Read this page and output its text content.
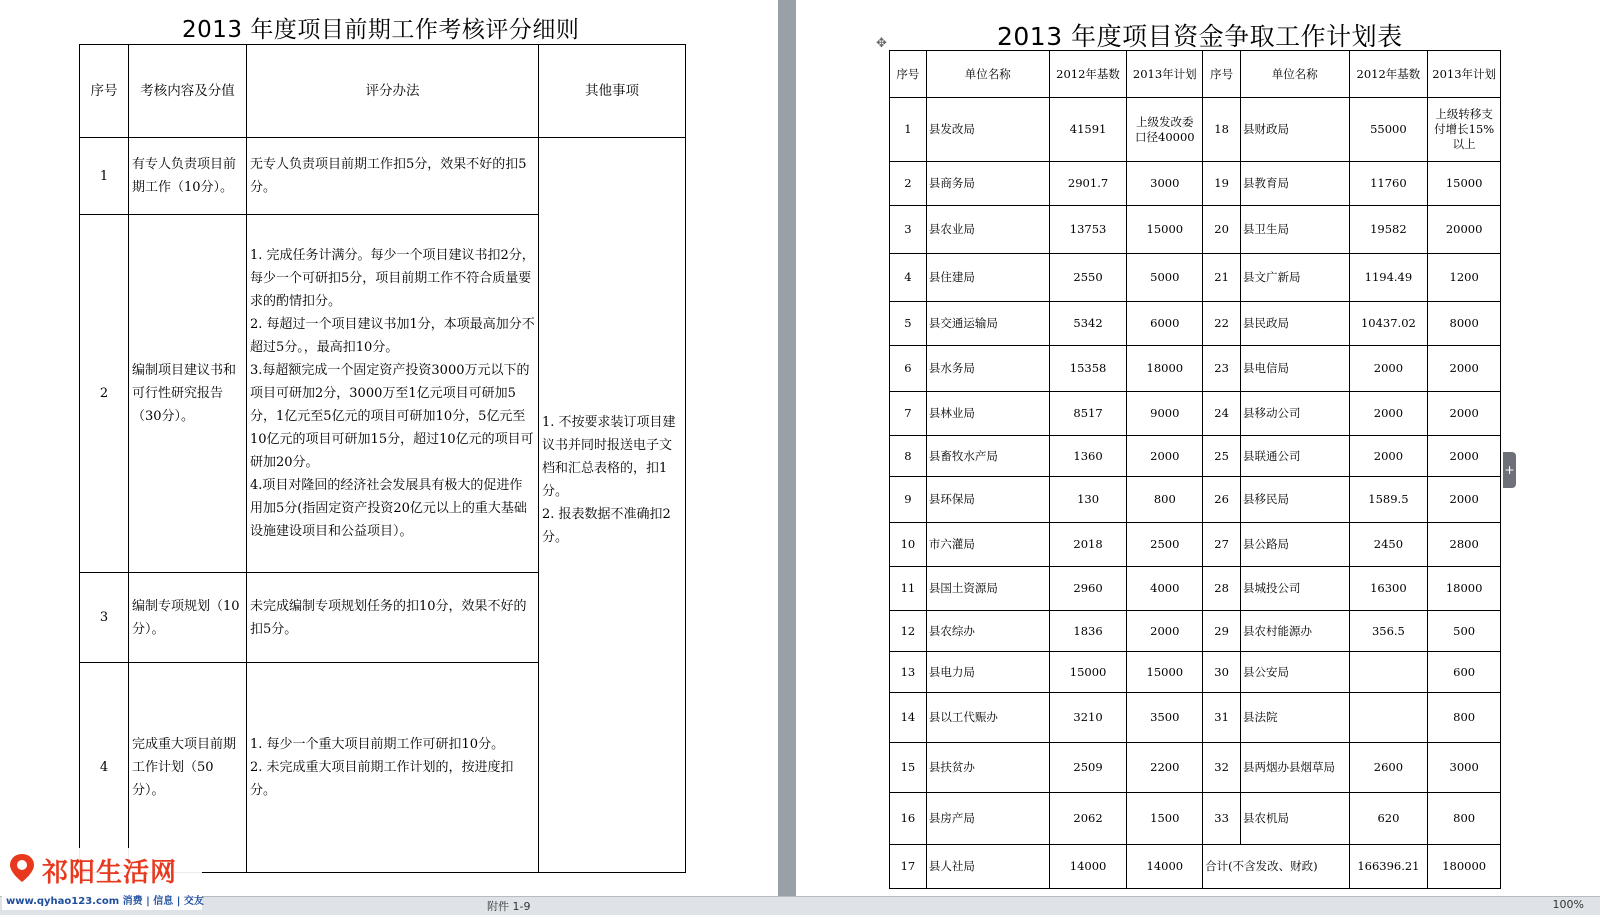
2013 年度项目前期工作考核评分细则
序号	考核内容及分值	评分办法	其他事项
1	有专人负责项目前期工作（10分）。	无专人负责项目前期工作扣5分，效果不好的扣5分。	1. 不按要求装订项目建议书并同时报送电子文档和汇总表格的，扣1分。
2. 报表数据不准确扣2分。

2	编制项目建议书和可行性研究报告（30分）。	1. 完成任务计满分。每少一个项目建议书扣2分，每少一个可研扣5分，项目前期工作不符合质量要求的酌情扣分。
2. 每超过一个项目建议书加1分，本项最高加分不超过5分。，最高扣10分。
3.每超额完成一个固定资产投资3000万元以下的项目可研加2分，3000万至1亿元项目可研加5分，1亿元至5亿元的项目可研加10分，5亿元至10亿元的项目可研加15分，超过10亿元的项目可研加20分。
4.项目对隆回的经济社会发展具有极大的促进作用加5分(指固定资产投资20亿元以上的重大基础设施建设项目和公益项目）。	

3	编制专项规划（10分）。	未完成编制专项规划任务的扣10分，效果不好的扣5分。	

4	完成重大项目前期工作计划（50分）。	1. 每少一个重大项目前期工作可研扣10分。
2. 未完成重大项目前期工作计划的，按进度扣分。	
2013 年度项目资金争取工作计划表
序号	单位名称	2012年基数	2013年计划	序号	单位名称	2012年基数	2013年计划
1	县发改局	41591	上级发改委口径40000	18	县财政局	55000	上级转移支付增长15%以上
2	县商务局	2901.7	3000	19	县教育局	11760	15000
3	县农业局	13753	15000	20	县卫生局	19582	20000
4	县住建局	2550	5000	21	县文广新局	1194.49	1200
5	县交通运输局	5342	6000	22	县民政局	10437.02	8000
6	县水务局	15358	18000	23	县电信局	2000	2000
7	县林业局	8517	9000	24	县移动公司	2000	2000
8	县畜牧水产局	1360	2000	25	县联通公司	2000	2000
9	县环保局	130	800	26	县移民局	1589.5	2000
10	市六灌局	2018	2500	27	县公路局	2450	2800
11	县国土资源局	2960	4000	28	县城投公司	16300	18000
12	县农综办	1836	2000	29	县农村能源办	356.5	500
13	县电力局	15000	15000	30	县公安局		600
14	县以工代赈办	3210	3500	31	县法院		800
15	县扶贫办	2509	2200	32	县两烟办县烟草局	2600	3000
16	县房产局	2062	1500	33	县农机局	620	800
17	县人社局	14000	14000	合计(不含发改、财政)		166396.21	180000
✥
+
附件 1-9	100%
祁阳生活网
www.qyhao123.com 消费 | 信息 | 交友
